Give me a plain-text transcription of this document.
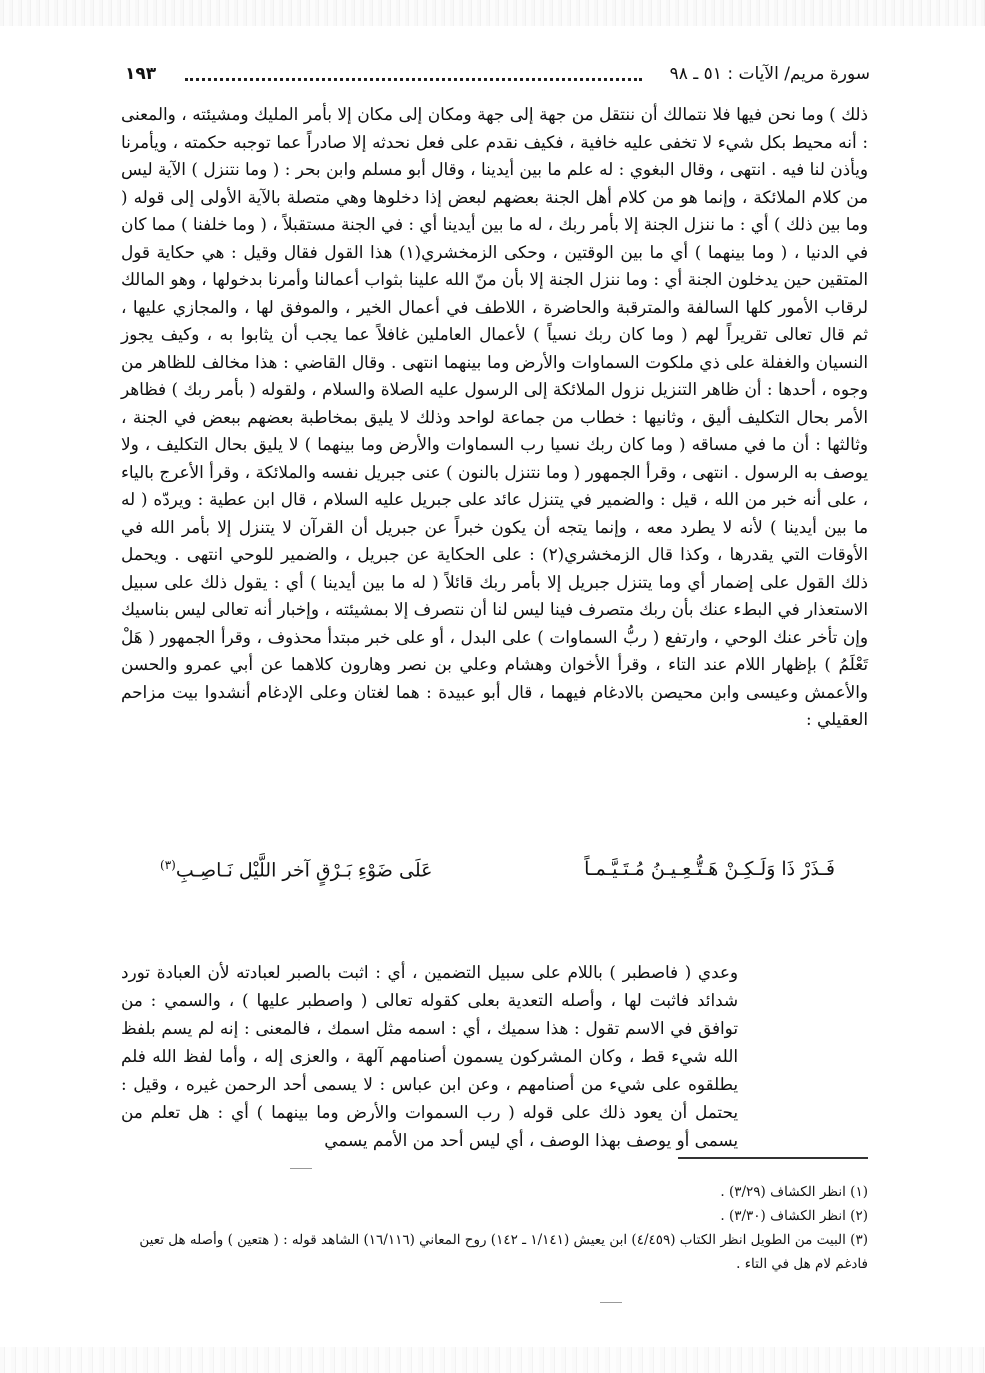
سورة مريم/ الآيات : ٥١ ـ ٩٨
١٩٣

ذلك ) وما نحن فيها فلا نتمالك أن ننتقل من جهة إلى جهة ومكان إلى مكان إلا بأمر المليك ومشيئته ، والمعنى : أنه محيط بكل شيء لا تخفى عليه خافية ، فكيف نقدم على فعل نحدثه إلا صادراً عما توجبه حكمته ، ويأمرنا ويأذن لنا فيه . انتهى ، وقال البغوي : له علم ما بين أيدينا ، وقال أبو مسلم وابن بحر : ( وما نتنزل ) الآية ليس من كلام الملائكة ، وإنما هو من كلام أهل الجنة بعضهم لبعض إذا دخلوها وهي متصلة بالآية الأولى إلى قوله ( وما بين ذلك ) أي : ما ننزل الجنة إلا بأمر ربك ، له ما بين أيدينا أي : في الجنة مستقبلاً ، ( وما خلفنا ) مما كان في الدنيا ، ( وما بينهما ) أي ما بين الوقتين ، وحكى الزمخشري(١) هذا القول فقال وقيل : هي حكاية قول المتقين حين يدخلون الجنة أي : وما ننزل الجنة إلا بأن منّ الله علينا بثواب أعمالنا وأمرنا بدخولها ، وهو المالك لرقاب الأمور كلها السالفة والمترقبة والحاضرة ، اللاطف في أعمال الخير ، والموفق لها ، والمجازي عليها ، ثم قال تعالى تقريراً لهم ( وما كان ربك نسياً ) لأعمال العاملين غافلاً عما يجب أن يثابوا به ، وكيف يجوز النسيان والغفلة على ذي ملكوت السماوات والأرض وما بينهما انتهى . وقال القاضي : هذا مخالف للظاهر من وجوه ، أحدها : أن ظاهر التنزيل نزول الملائكة إلى الرسول عليه الصلاة والسلام ، ولقوله ( بأمر ربك ) فظاهر الأمر بحال التكليف أليق ، وثانيها : خطاب من جماعة لواحد وذلك لا يليق بمخاطبة بعضهم ببعض في الجنة ، وثالثها : أن ما في مساقه ( وما كان ربك نسيا رب السماوات والأرض وما بينهما ) لا يليق بحال التكليف ، ولا يوصف به الرسول . انتهى ، وقرأ الجمهور ( وما نتنزل بالنون ) عنى جبريل نفسه والملائكة ، وقرأ الأعرج بالياء ، على أنه خبر من الله ، قيل : والضمير في يتنزل عائد على جبريل عليه السلام ، قال ابن عطية : ويردّه ( له ما بين أيدينا ) لأنه لا يطرد معه ، وإنما يتجه أن يكون خبراً عن جبريل أن القرآن لا يتنزل إلا بأمر الله في الأوقات التي يقدرها ، وكذا قال الزمخشري(٢) : على الحكاية عن جبريل ، والضمير للوحي انتهى . ويحمل ذلك القول على إضمار أي وما يتنزل جبريل إلا بأمر ربك قائلاً ( له ما بين أيدينا ) أي : يقول ذلك على سبيل الاستعذار في البطء عنك بأن ربك متصرف فينا ليس لنا أن نتصرف إلا بمشيئته ، وإخبار أنه تعالى ليس بناسيك وإن تأخر عنك الوحي ، وارتفع ( ربُّ السماوات ) على البدل ، أو على خبر مبتدأ محذوف ، وقرأ الجمهور ( هَلْ تَعْلَمُ ) بإظهار اللام عند التاء ، وقرأ الأخوان وهشام وعلي بن نصر وهارون كلاهما عن أبي عمرو والحسن والأعمش وعيسى وابن محيصن بالادغام فيهما ، قال أبو عبيدة : هما لغتان وعلى الإدغام أنشدوا بيت مزاحم العقيلي :

فَـذَرْ ذَا وَلَـكِـنْ هَـتُّـعِـيـنُ مُـتَـيَّـمـاً
عَلَى ضَوْءِ بَـرْقٍ آخر اللَّيْل نَـاصِـبِ$^{(٣)}$

وعدي ( فاصطبر ) باللام على سبيل التضمين ، أي : اثبت بالصبر لعبادته لأن العبادة تورد شدائد فاثبت لها ، وأصله التعدية بعلى كقوله تعالى ( واصطبر عليها ) ، والسمي : من توافق في الاسم تقول : هذا سميك ، أي : اسمه مثل اسمك ، فالمعنى : إنه لم يسم بلفظ الله شيء قط ، وكان المشركون يسمون أصنامهم آلهة ، والعزى إله ، وأما لفظ الله فلم يطلقوه على شيء من أصنامهم ، وعن ابن عباس : لا يسمى أحد الرحمن غيره ، وقيل : يحتمل أن يعود ذلك على قوله ( رب السموات والأرض وما بينهما ) أي : هل تعلم من يسمى أو يوصف بهذا الوصف ، أي ليس أحد من الأمم يسمي

(١) انظر الكشاف (٣/٢٩) .

(٢) انظر الكشاف (٣/٣٠) .

(٣) البيت من الطويل انظر الكتاب (٤/٤٥٩) ابن يعيش (١/١٤١ ـ ١٤٢) روح المعاني (١٦/١١٦) الشاهد قوله : ( هتعين ) وأصله هل تعين فادغم لام هل في التاء .
